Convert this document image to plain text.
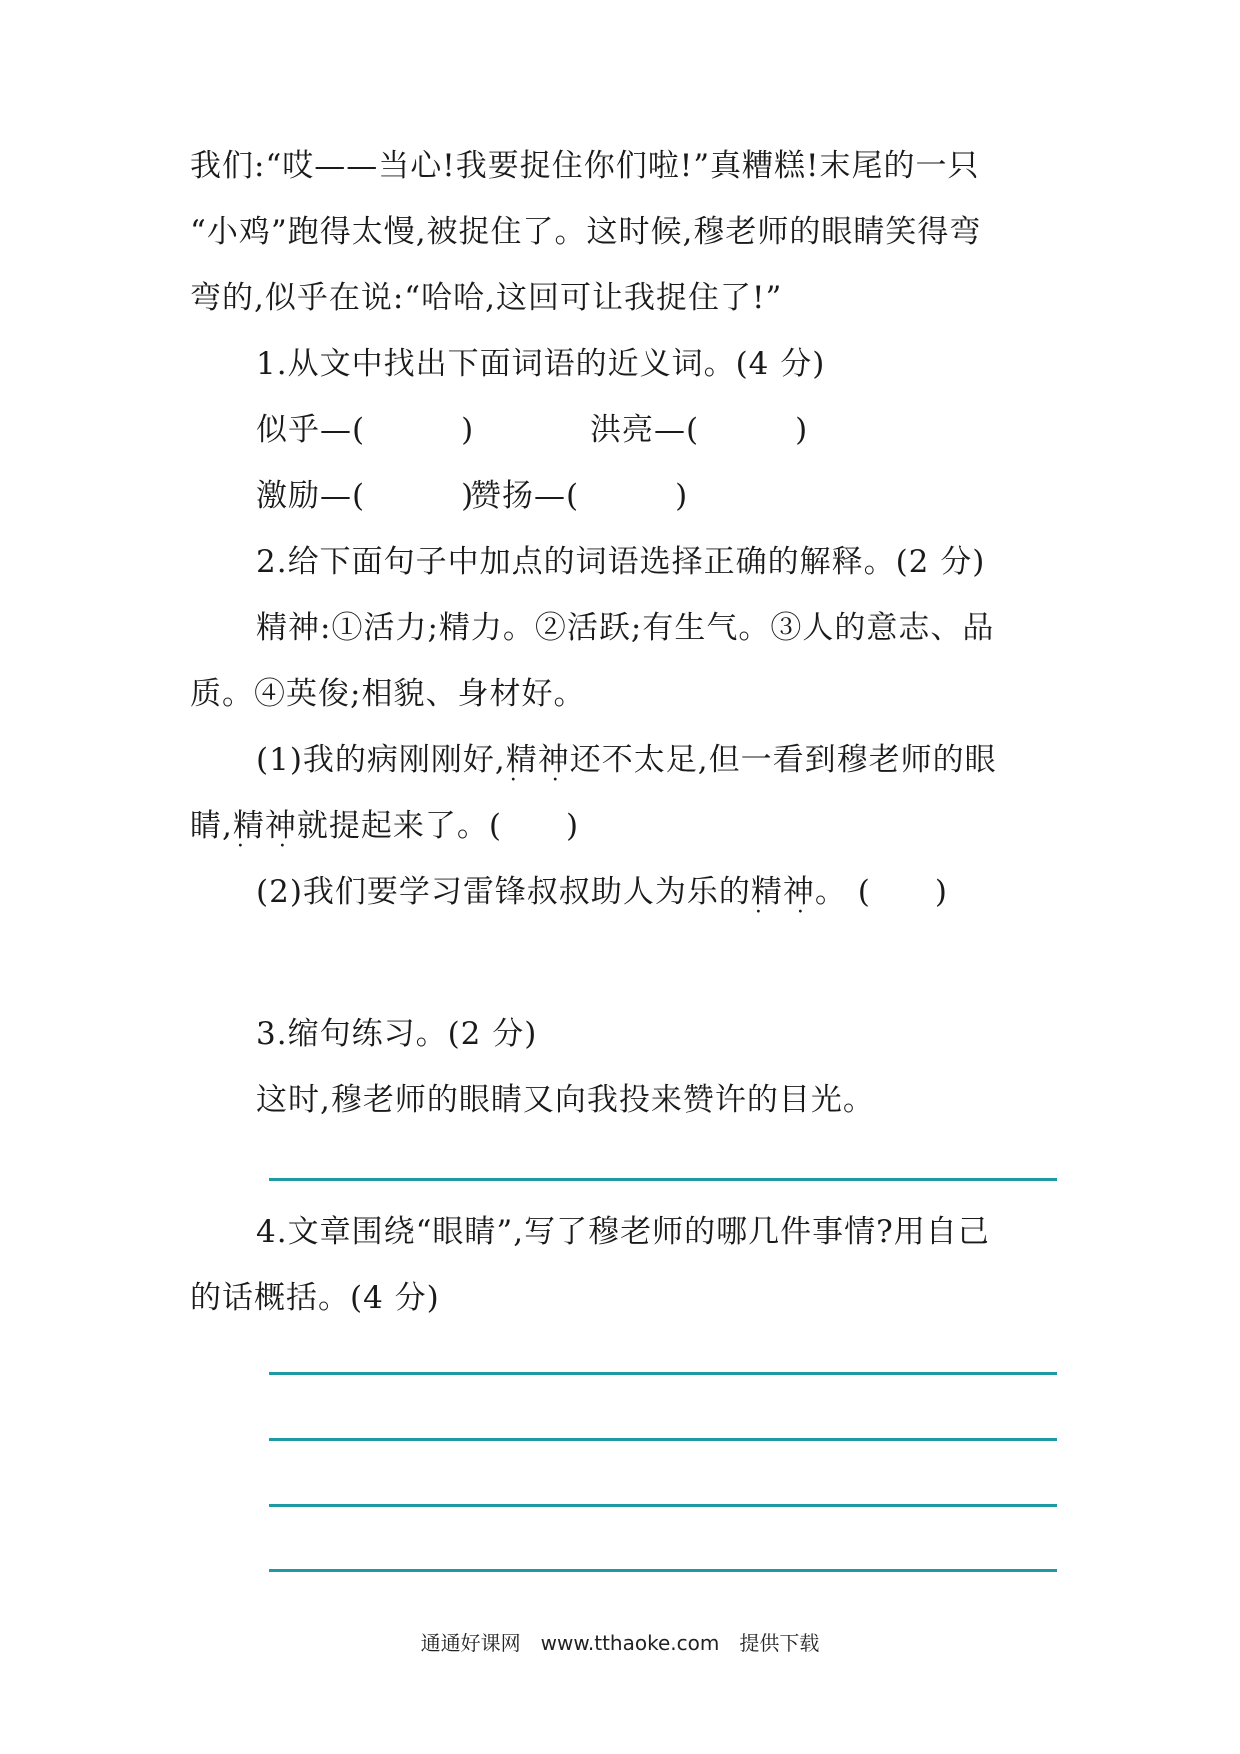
我们:“哎——当心!我要捉住你们啦!”真糟糕!末尾的一只
“小鸡”跑得太慢,被捉住了。这时候,穆老师的眼睛笑得弯
弯的,似乎在说:“哈哈,这回可让我捉住了!”
1.从文中找出下面词语的近义词。(4 分)
似乎—(　　　)	洪亮—(　　　)
激励—(　　　)
赞扬—(　　　)
2.给下面句子中加点的词语选择正确的解释。(2 分)
精神:①活力;精力。②活跃;有生气。③人的意志、品
质。④英俊;相貌、身材好。
(1)我的病刚刚好,精神 · ·还不太足,但一看到穆老师的眼
睛,精神 · ·就提起来了。(　　)
(2)我们要学习雷锋叔叔助人为乐的精神 · ·。 (　　)
3.缩句练习。(2 分)
这时,穆老师的眼睛又向我投来赞许的目光。
4.文章围绕“眼睛”,写了穆老师的哪几件事情?用自己
的话概括。(4 分)
通通好课网　www.tthaoke.com　提供下载
